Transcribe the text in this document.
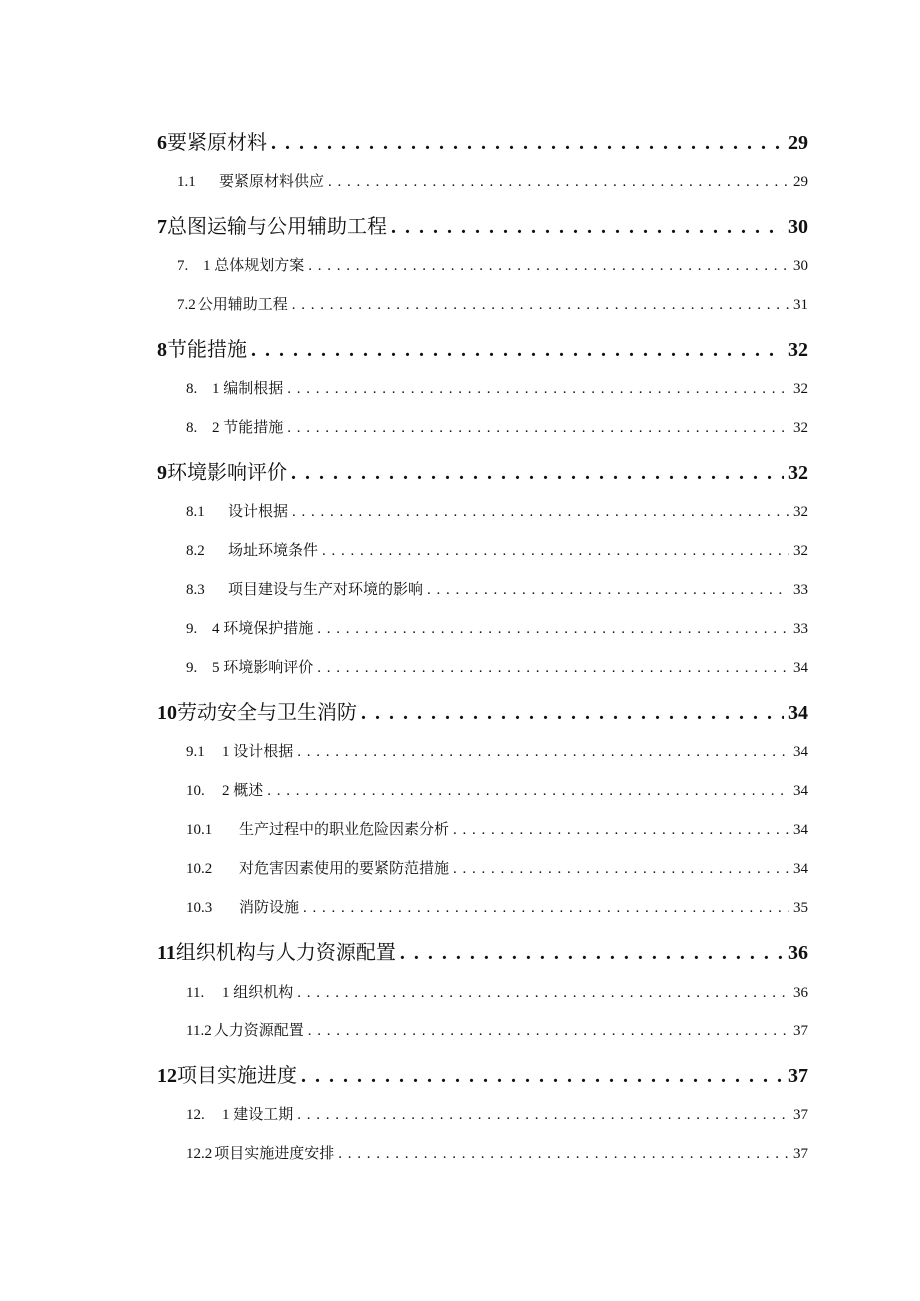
6 要紧原材料 . . .	29
1.1	要紧原材料供应 . . .	29
7 总图运输与公用辅助工程 . . .	30
7. 1 总体规划方案 . . .	30
7.2 公用辅助工程 . . .	31
8 节能措施 . . .	32
8. 1 编制根据 . . .	32
8. 2 节能措施 . . .	32
9 环境影响评价 . . .	32
8.1	设计根据 . . .	32
8.2	场址环境条件 . . .	32
8.3	项目建设与生产对环境的影响 . . .	33
9. 4 环境保护措施 . . .	33
9. 5 环境影响评价 . . .	34
10 劳动安全与卫生消防 . . .	34
9.1	1 设计根据 . . .	34
10.	2 概述 . . .	34
10.1	生产过程中的职业危险因素分析 . . .	34
10.2	对危害因素使用的要紧防范措施 . . .	34
10.3	消防设施 . . .	35
11 组织机构与人力资源配置 . . .	36
11.	1 组织机构 . . .	36
11.2 人力资源配置 . . .	37
12 项目实施进度 . . .	37
12.	1 建设工期 . . .	37
12.2 项目实施进度安排 . . .	37
